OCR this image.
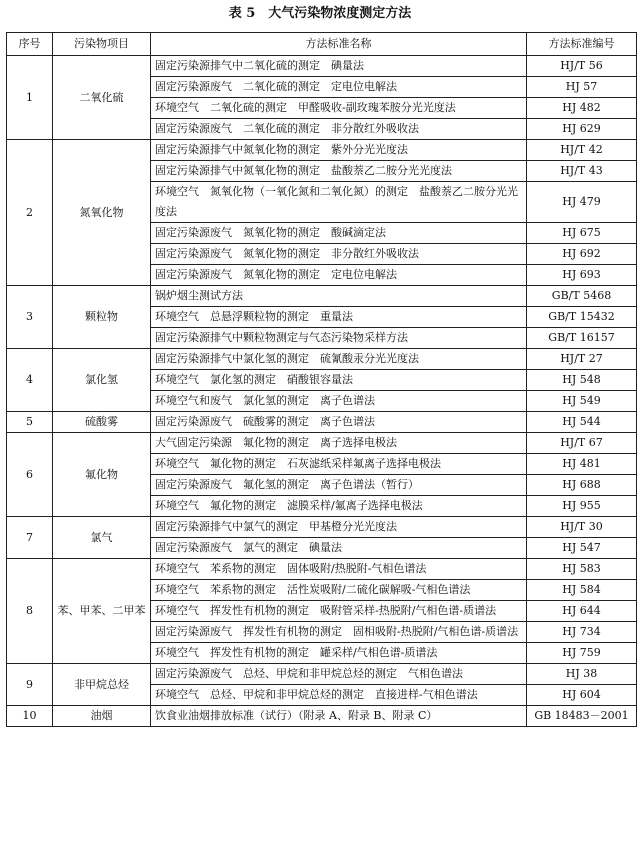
表 5　大气污染物浓度测定方法
序号	污染物项目	方法标准名称	方法标准编号
1	二氧化硫	固定污染源排气中二氧化硫的测定　碘量法	HJ/T 56
		固定污染源废气　二氧化硫的测定　定电位电解法	HJ 57
		环境空气　二氧化硫的测定　甲醛吸收-副玫瑰苯胺分光光度法	HJ 482
		固定污染源废气　二氧化硫的测定　非分散红外吸收法	HJ 629
2	氮氧化物	固定污染源排气中氮氧化物的测定　紫外分光光度法	HJ/T 42
		固定污染源排气中氮氧化物的测定　盐酸萘乙二胺分光光度法	HJ/T 43
		环境空气　氮氧化物（一氧化氮和二氧化氮）的测定　盐酸萘乙二胺分光光度法	HJ 479
		固定污染源废气　氮氧化物的测定　酸碱滴定法	HJ 675
		固定污染源废气　氮氧化物的测定　非分散红外吸收法	HJ 692
		固定污染源废气　氮氧化物的测定　定电位电解法	HJ 693
3	颗粒物	锅炉烟尘测试方法	GB/T 5468
		环境空气　总悬浮颗粒物的测定　重量法	GB/T 15432
		固定污染源排气中颗粒物测定与气态污染物采样方法	GB/T 16157
4	氯化氢	固定污染源排气中氯化氢的测定　硫氰酸汞分光光度法	HJ/T 27
		环境空气　氯化氢的测定　硝酸银容量法	HJ 548
		环境空气和废气　氯化氢的测定　离子色谱法	HJ 549
5	硫酸雾	固定污染源废气　硫酸雾的测定　离子色谱法	HJ 544
6	氟化物	大气固定污染源　氟化物的测定　离子选择电极法	HJ/T 67
		环境空气　氟化物的测定　石灰滤纸采样氟离子选择电极法	HJ 481
		固定污染源废气　氟化氢的测定　离子色谱法（暂行）	HJ 688
		环境空气　氟化物的测定　滤膜采样/氟离子选择电极法	HJ 955
7	氯气	固定污染源排气中氯气的测定　甲基橙分光光度法	HJ/T 30
		固定污染源废气　氯气的测定　碘量法	HJ 547
8	苯、甲苯、二甲苯	环境空气　苯系物的测定　固体吸附/热脱附-气相色谱法	HJ 583
		环境空气　苯系物的测定　活性炭吸附/二硫化碳解吸-气相色谱法	HJ 584
		环境空气　挥发性有机物的测定　吸附管采样-热脱附/气相色谱-质谱法	HJ 644
		固定污染源废气　挥发性有机物的测定　固相吸附-热脱附/气相色谱-质谱法	HJ 734
		环境空气　挥发性有机物的测定　罐采样/气相色谱-质谱法	HJ 759
9	非甲烷总烃	固定污染源废气　总烃、甲烷和非甲烷总烃的测定　气相色谱法	HJ 38
		环境空气　总烃、甲烷和非甲烷总烃的测定　直接进样-气相色谱法	HJ 604
10	油烟	饮食业油烟排放标准（试行）（附录 A、附录 B、附录 C）	GB 18483－2001
